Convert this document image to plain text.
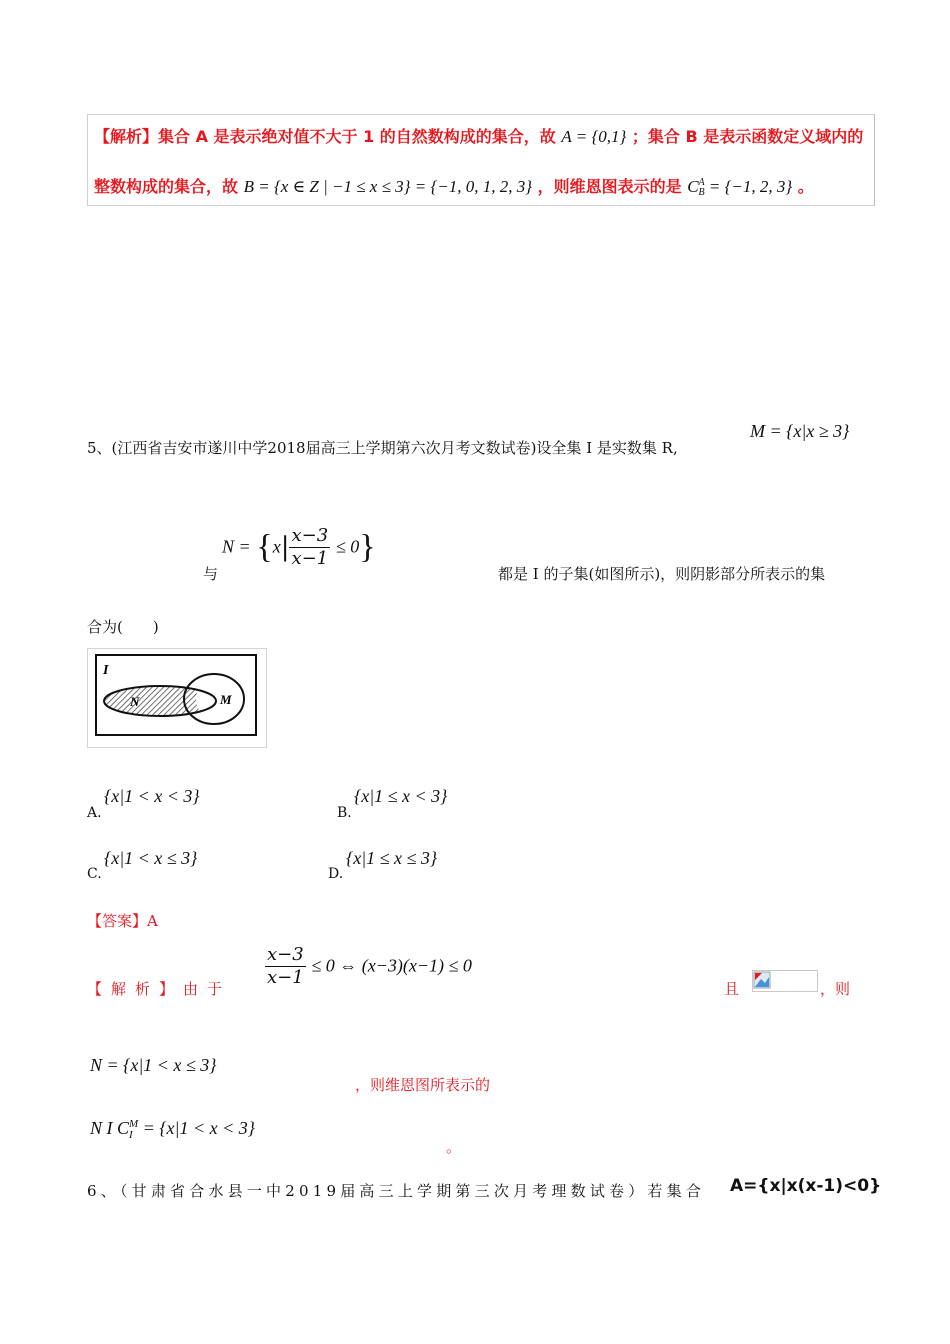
【解析】集合 A 是表示绝对值不大于 1 的自然数构成的集合，故 A = {0,1} ；集合 B 是表示函数定义域内的
整数构成的集合，故 B = {x ∈ Z | −1 ≤ x ≤ 3} = {−1, 0, 1, 2, 3} ，则维恩图表示的是 C A
B = {−1, 2, 3} 。
5、(江西省吉安市遂川中学2018届高三上学期第六次月考文数试卷)设全集 I 是实数集 R,
M = {x|x ≥ 3}
$N = \{x| \frac{x-3}{x-1} \le 0\}$
与	都是 I 的子集(如图所示)，则阴影部分所表示的集
合为(　　)
I
N	M
A.
{x|1 < x < 3}
B.
{x|1 ≤ x < 3}
C.
{x|1 < x ≤ 3}
D.
{x|1 ≤ x ≤ 3}
【答案】A
【解析】由于 $\frac{x-3}{x-1} \le 0$ ⇔ (x−3)(x−1) ≤ 0
且	，则
N = {x|1 < x ≤ 3}
，则维恩图所表示的
N I C M
I = {x|1 < x < 3}
。
6、（甘肃省合水县一中2019届高三上学期第三次月考理数试卷）若集合 A={x|x(x-1)<0}
